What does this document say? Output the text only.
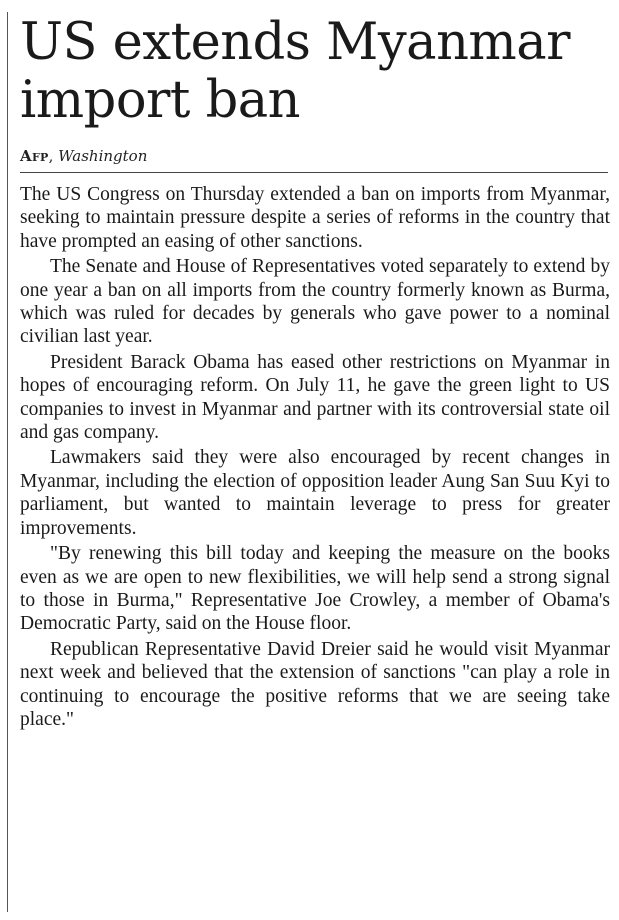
US extends Myanmar import ban
Afp, Washington

The US Congress on Thursday extended a ban on imports from Myanmar, seeking to maintain pressure despite a series of reforms in the country that have prompted an easing of other sanctions.

The Senate and House of Representatives voted separately to extend by one year a ban on all imports from the country formerly known as Burma, which was ruled for decades by generals who gave power to a nominal civilian last year.

President Barack Obama has eased other restrictions on Myanmar in hopes of encouraging reform. On July 11, he gave the green light to US companies to invest in Myanmar and partner with its controversial state oil and gas company.

Lawmakers said they were also encouraged by recent changes in Myanmar, including the election of opposition leader Aung San Suu Kyi to parliament, but wanted to maintain leverage to press for greater improvements.

"By renewing this bill today and keeping the measure on the books even as we are open to new flexibilities, we will help send a strong signal to those in Burma," Representative Joe Crowley, a member of Obama's Democratic Party, said on the House floor.

Republican Representative David Dreier said he would visit Myanmar next week and believed that the extension of sanctions "can play a role in continuing to encourage the positive reforms that we are seeing take place."
